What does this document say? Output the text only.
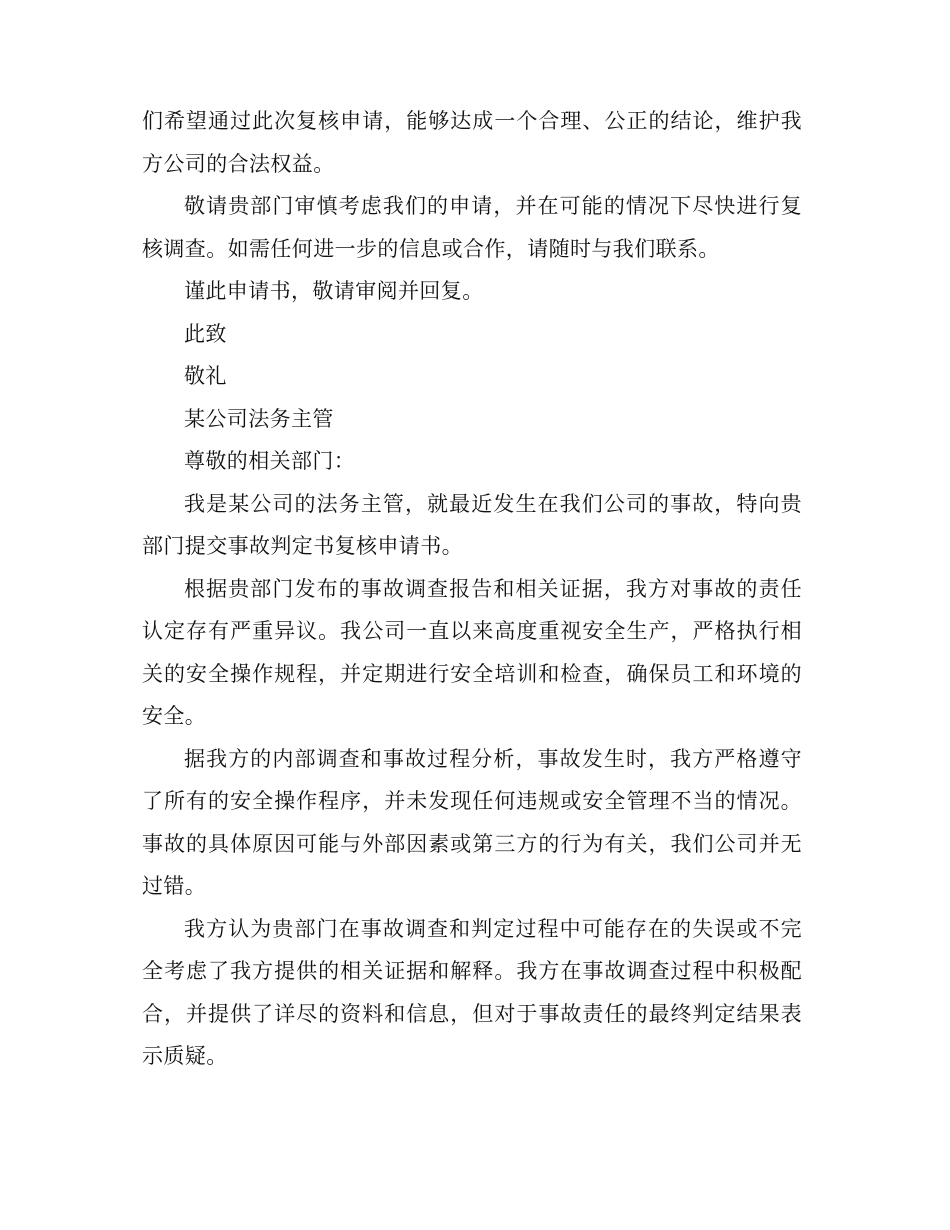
们希望通过此次复核申请，能够达成一个合理、公正的结论，维护我方公司的合法权益。

敬请贵部门审慎考虑我们的申请，并在可能的情况下尽快进行复核调查。如需任何进一步的信息或合作，请随时与我们联系。

谨此申请书，敬请审阅并回复。

此致

敬礼

某公司法务主管

尊敬的相关部门：

我是某公司的法务主管，就最近发生在我们公司的事故，特向贵部门提交事故判定书复核申请书。

根据贵部门发布的事故调查报告和相关证据，我方对事故的责任认定存有严重异议。我公司一直以来高度重视安全生产，严格执行相关的安全操作规程，并定期进行安全培训和检查，确保员工和环境的安全。

据我方的内部调查和事故过程分析，事故发生时，我方严格遵守了所有的安全操作程序，并未发现任何违规或安全管理不当的情况。事故的具体原因可能与外部因素或第三方的行为有关，我们公司并无过错。

我方认为贵部门在事故调查和判定过程中可能存在的失误或不完全考虑了我方提供的相关证据和解释。我方在事故调查过程中积极配合，并提供了详尽的资料和信息，但对于事故责任的最终判定结果表示质疑。
